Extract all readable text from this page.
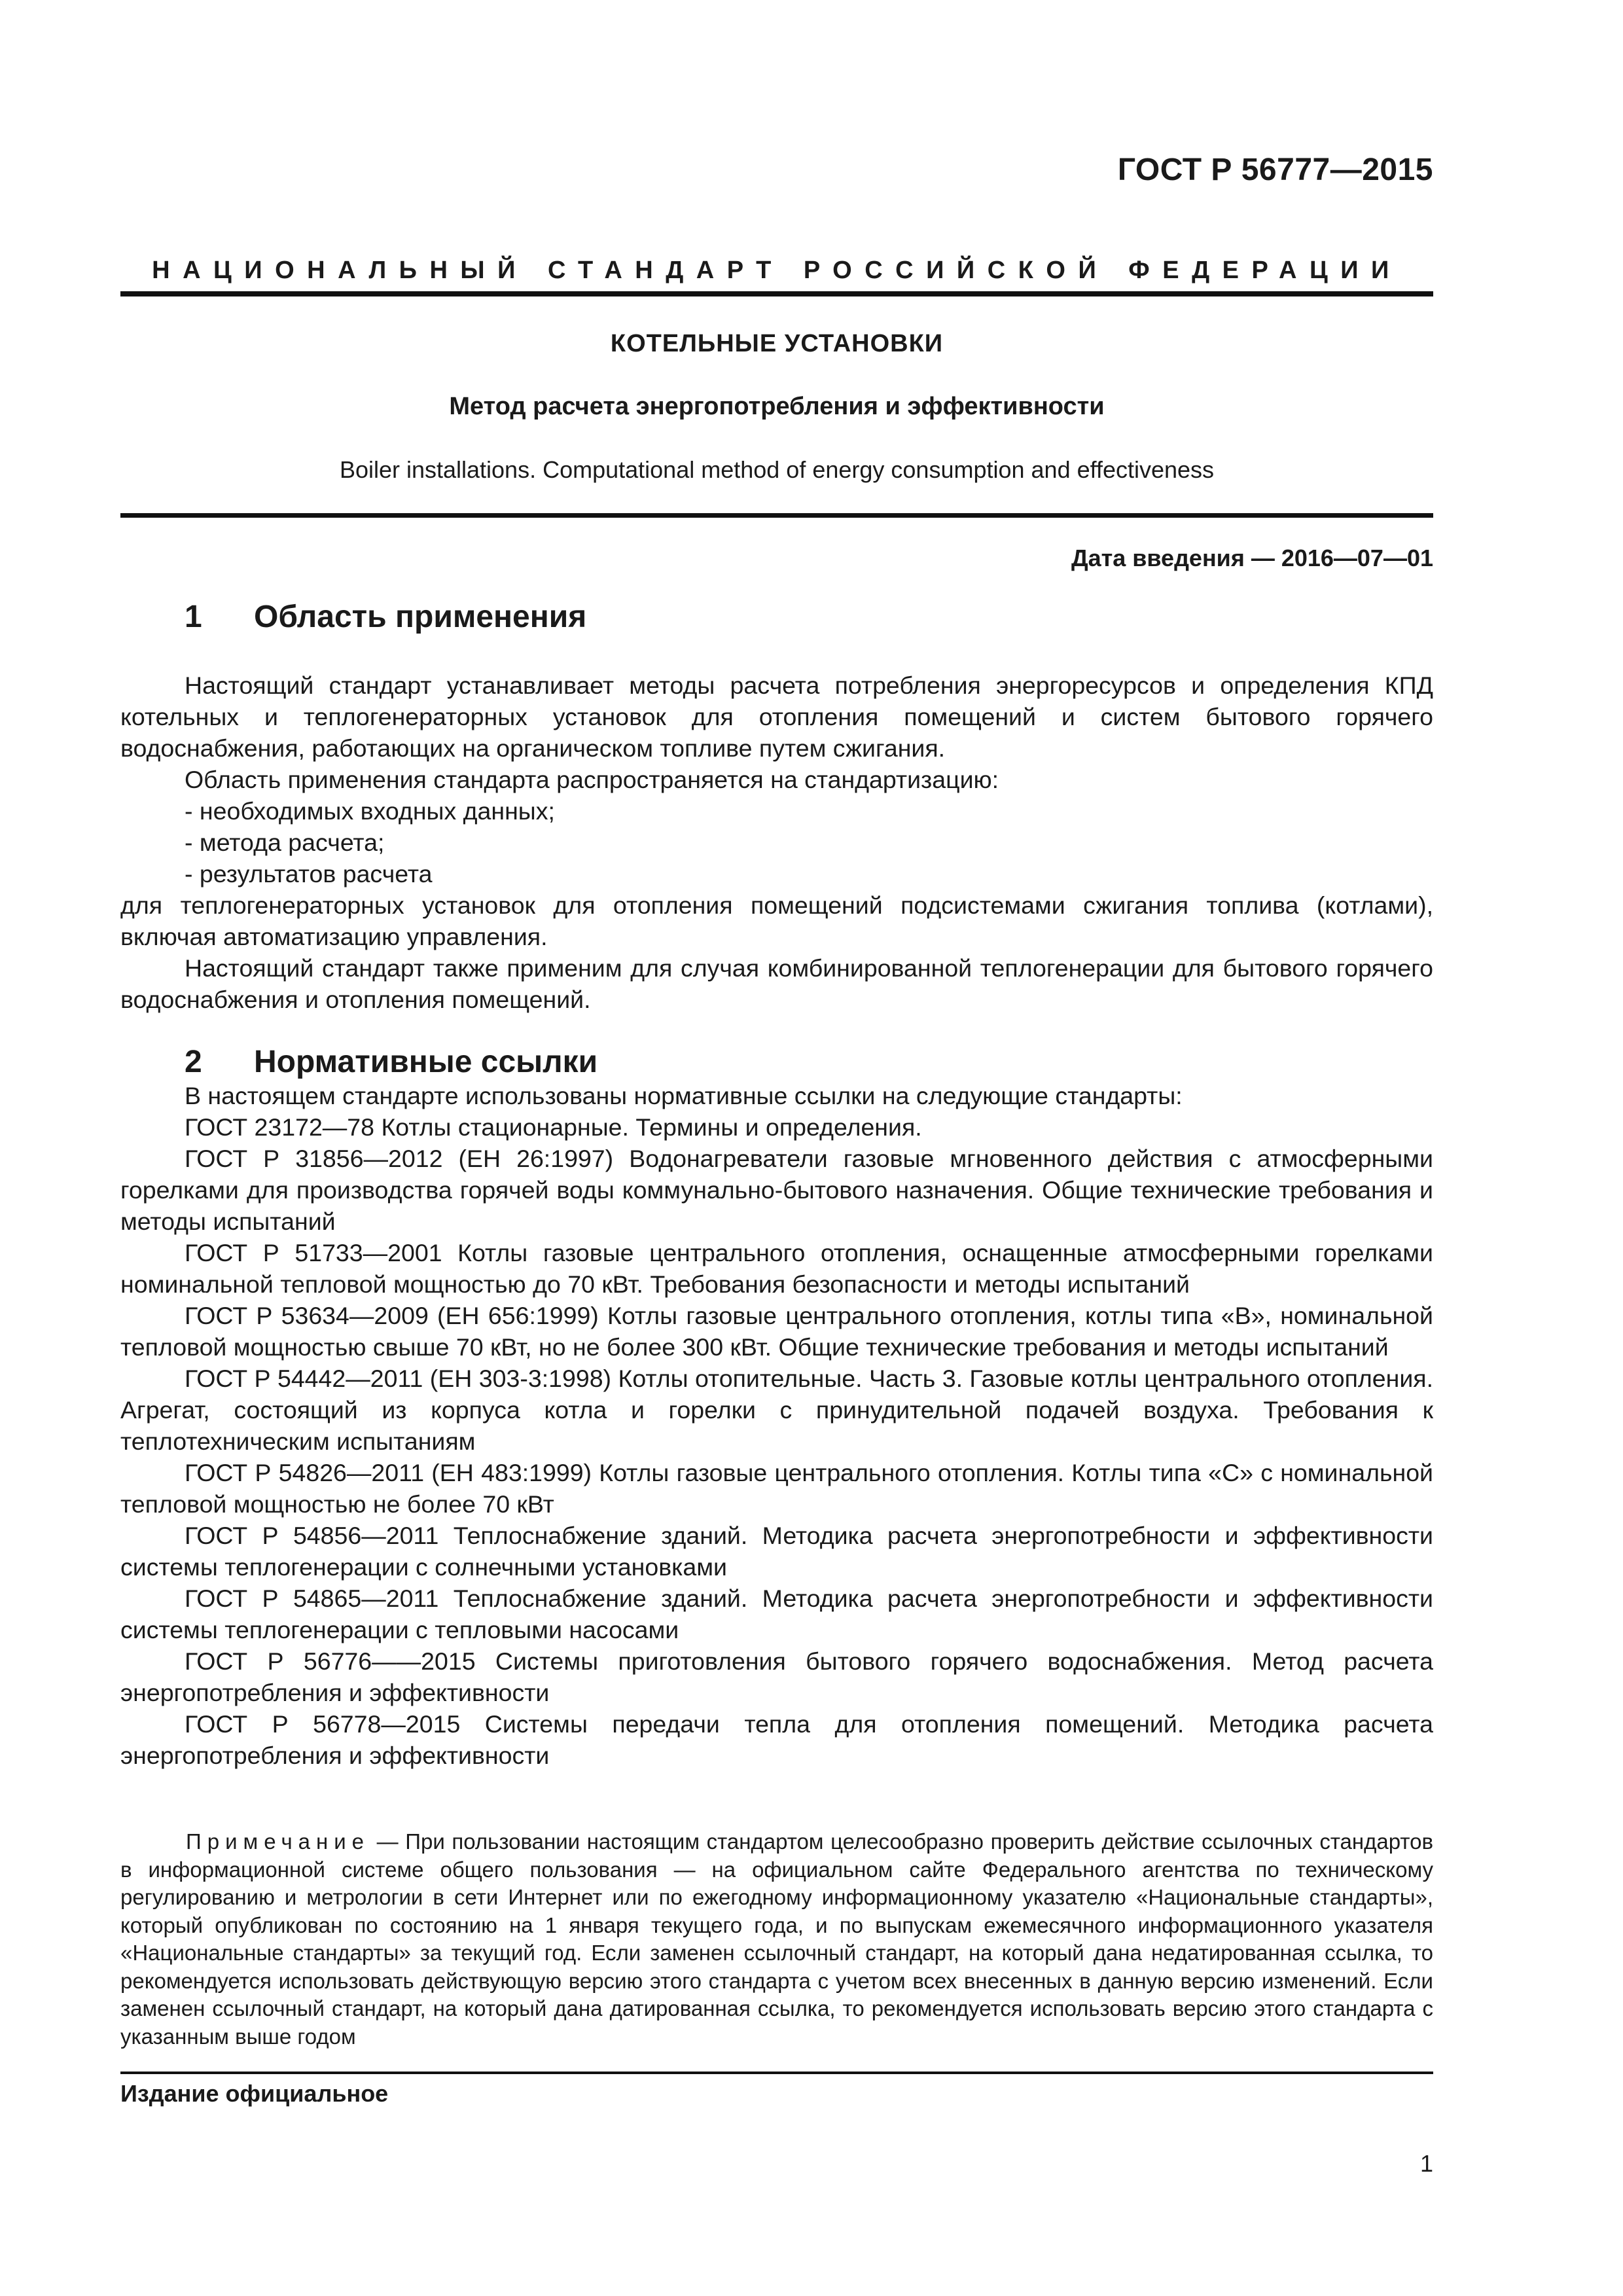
ГОСТ Р 56777—2015
НАЦИОНАЛЬНЫЙ СТАНДАРТ РОССИЙСКОЙ ФЕДЕРАЦИИ
КОТЕЛЬНЫЕ УСТАНОВКИ
Метод расчета энергопотребления и эффективности
Boiler installations. Computational method of energy consumption and effectiveness
Дата введения — 2016—07—01
1 Область применения

Настоящий стандарт устанавливает методы расчета потребления энергоресурсов и определения КПД котельных и теплогенераторных установок для отопления помещений и систем бытового горячего водоснабжения, работающих на органическом топливе путем сжигания.

Область применения стандарта распространяется на стандартизацию:

- необходимых входных данных;

- метода расчета;

- результатов расчета

для теплогенераторных установок для отопления помещений подсистемами сжигания топлива (котлами), включая автоматизацию управления.

Настоящий стандарт также применим для случая комбинированной теплогенерации для бытового горячего водоснабжения и отопления помещений.

2 Нормативные ссылки

В настоящем стандарте использованы нормативные ссылки на следующие стандарты:

ГОСТ 23172—78 Котлы стационарные. Термины и определения.

ГОСТ Р 31856—2012 (ЕН 26:1997) Водонагреватели газовые мгновенного действия с атмосферными горелками для производства горячей воды коммунально-бытового назначения. Общие технические требования и методы испытаний

ГОСТ Р 51733—2001 Котлы газовые центрального отопления, оснащенные атмосферными горелками номинальной тепловой мощностью до 70 кВт. Требования безопасности и методы испытаний

ГОСТ Р 53634—2009 (ЕН 656:1999) Котлы газовые центрального отопления, котлы типа «В», номинальной тепловой мощностью свыше 70 кВт, но не более 300 кВт. Общие технические требования и методы испытаний

ГОСТ Р 54442—2011 (ЕН 303-3:1998) Котлы отопительные. Часть 3. Газовые котлы центрального отопления. Агрегат, состоящий из корпуса котла и горелки с принудительной подачей воздуха. Требования к теплотехническим испытаниям

ГОСТ Р 54826—2011 (ЕН 483:1999) Котлы газовые центрального отопления. Котлы типа «С» с номинальной тепловой мощностью не более 70 кВт

ГОСТ Р 54856—2011 Теплоснабжение зданий. Методика расчета энергопотребности и эффективности системы теплогенерации с солнечными установками

ГОСТ Р 54865—2011 Теплоснабжение зданий. Методика расчета энергопотребности и эффективности системы теплогенерации с тепловыми насосами

ГОСТ Р 56776——2015 Системы приготовления бытового горячего водоснабжения. Метод расчета энергопотребления и эффективности

ГОСТ Р 56778—2015 Системы передачи тепла для отопления помещений. Методика расчета энергопотребления и эффективности

Примечание — При пользовании настоящим стандартом целесообразно проверить действие ссылочных стандартов в информационной системе общего пользования — на официальном сайте Федерального агентства по техническому регулированию и метрологии в сети Интернет или по ежегодному информационному указателю «Национальные стандарты», который опубликован по состоянию на 1 января текущего года, и по выпускам ежемесячного информационного указателя «Национальные стандарты» за текущий год. Если заменен ссылочный стандарт, на который дана недатированная ссылка, то рекомендуется использовать действующую версию этого стандарта с учетом всех внесенных в данную версию изменений. Если заменен ссылочный стандарт, на который дана датированная ссылка, то рекомендуется использовать версию этого стандарта с указанным выше годом

Издание официальное
1
